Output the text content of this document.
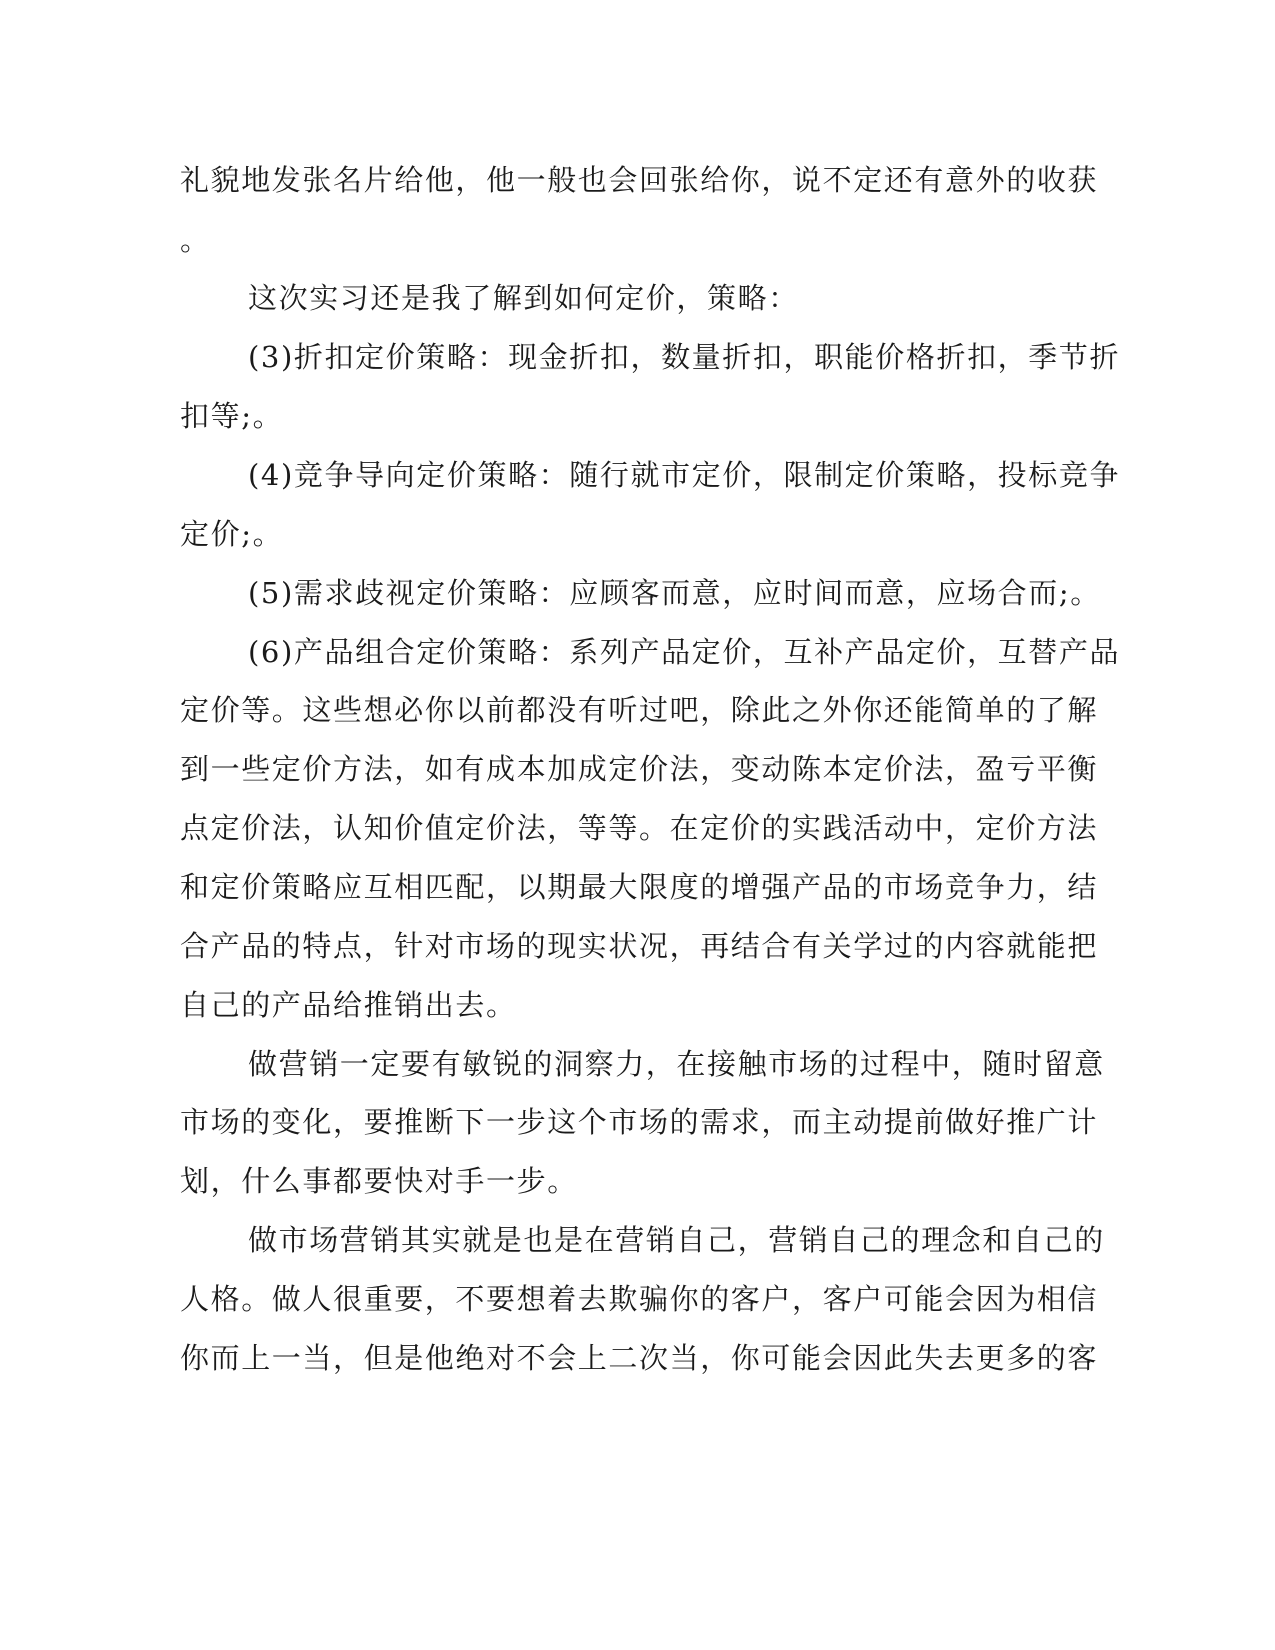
礼貌地发张名片给他，他一般也会回张给你，说不定还有意外的收获

。

这次实习还是我了解到如何定价，策略：

(3)折扣定价策略：现金折扣，数量折扣，职能价格折扣，季节折

扣等;。

(4)竞争导向定价策略：随行就市定价，限制定价策略，投标竞争

定价;。

(5)需求歧视定价策略：应顾客而意，应时间而意，应场合而;。

(6)产品组合定价策略：系列产品定价，互补产品定价，互替产品

定价等。这些想必你以前都没有听过吧，除此之外你还能简单的了解

到一些定价方法，如有成本加成定价法，变动陈本定价法，盈亏平衡

点定价法，认知价值定价法，等等。在定价的实践活动中，定价方法

和定价策略应互相匹配，以期最大限度的增强产品的市场竞争力，结

合产品的特点，针对市场的现实状况，再结合有关学过的内容就能把

自己的产品给推销出去。

做营销一定要有敏锐的洞察力，在接触市场的过程中，随时留意

市场的变化，要推断下一步这个市场的需求，而主动提前做好推广计

划，什么事都要快对手一步。

做市场营销其实就是也是在营销自己，营销自己的理念和自己的

人格。做人很重要，不要想着去欺骗你的客户，客户可能会因为相信

你而上一当，但是他绝对不会上二次当，你可能会因此失去更多的客
